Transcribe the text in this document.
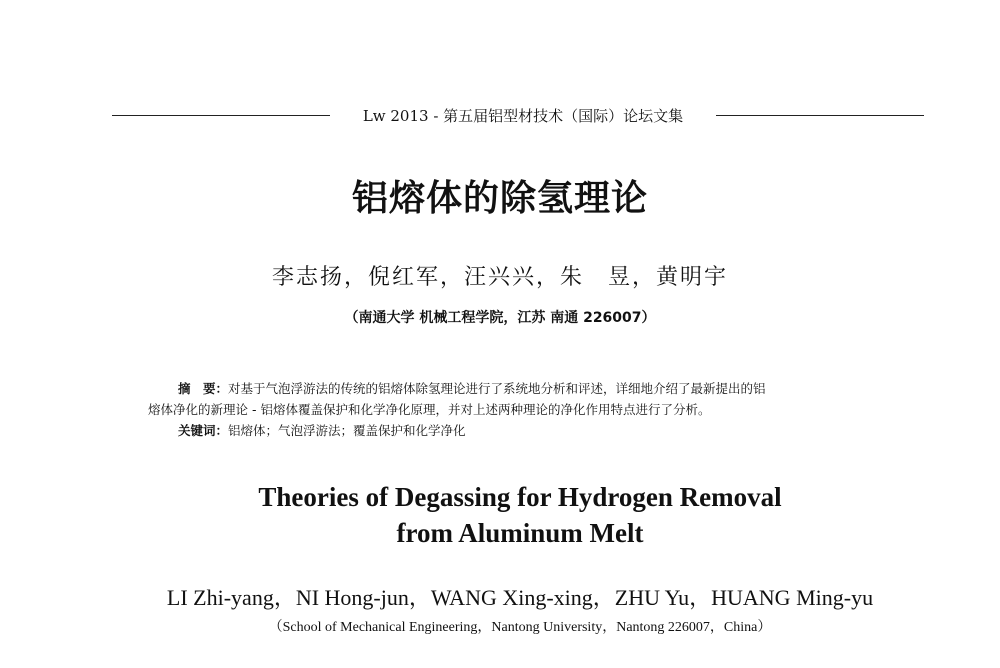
Lw 2013 - 第五届铝型材技术（国际）论坛文集
铝熔体的除氢理论
李志扬，倪红军，汪兴兴，朱　昱，黄明宇
（南通大学 机械工程学院，江苏 南通 226007）
摘　要：对基于气泡浮游法的传统的铝熔体除氢理论进行了系统地分析和评述，详细地介绍了最新提出的铝
熔体净化的新理论 - 铝熔体覆盖保护和化学净化原理，并对上述两种理论的净化作用特点进行了分析。
关键词：铝熔体；气泡浮游法；覆盖保护和化学净化
Theories of Degassing for Hydrogen Removal
from Aluminum Melt
LI Zhi-yang，NI Hong-jun，WANG Xing-xing，ZHU Yu，HUANG Ming-yu
（School of Mechanical Engineering，Nantong University，Nantong 226007，China）
